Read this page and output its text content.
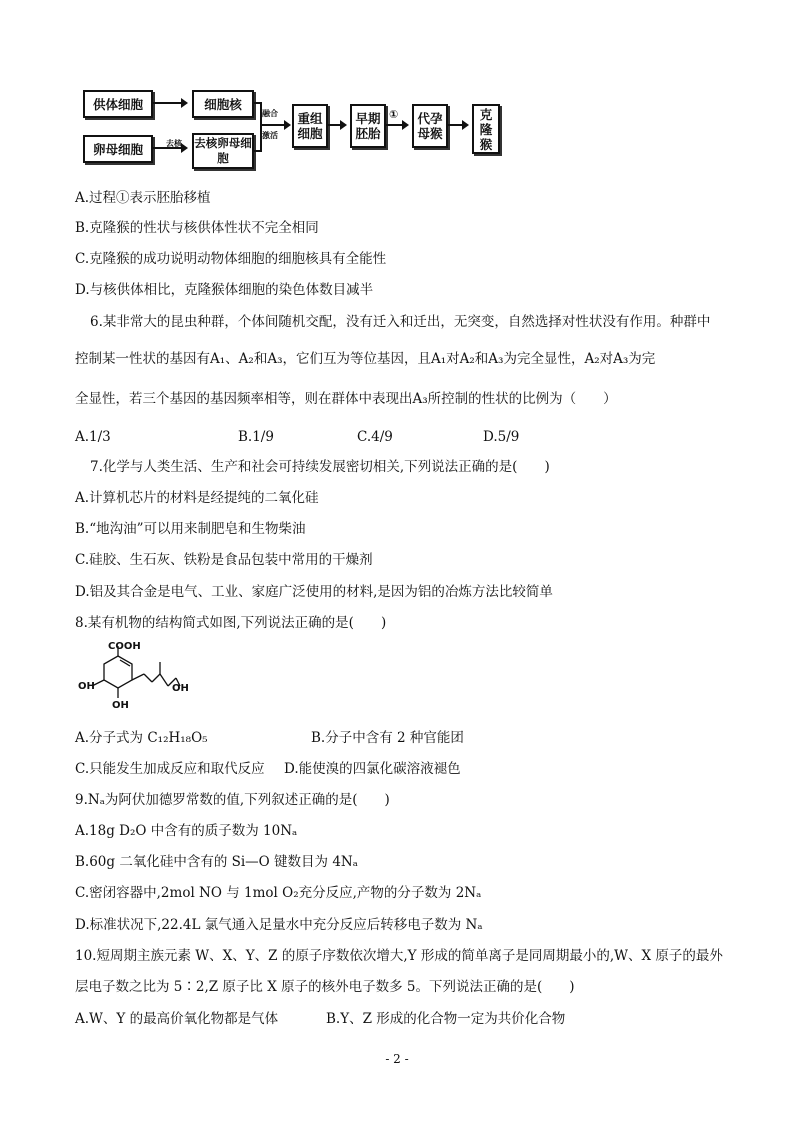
供体细胞
卵母细胞	去核
细胞核
去核卵母细胞
融合
激活
重组细胞
早期胚胎
①	代孕母猴
克隆猴
A.过程①表示胚胎移植
B.克隆猴的性状与核供体性状不完全相同
C.克隆猴的成功说明动物体细胞的细胞核具有全能性
D.与核供体相比，克隆猴体细胞的染色体数目减半
6.某非常大的昆虫种群，个体间随机交配，没有迁入和迁出，无突变，自然选择对性状没有作用。种群中
控制某一性状的基因有A₁、A₂和A₃，它们互为等位基因，且A₁对A₂和A₃为完全显性，A₂对A₃为完
全显性，若三个基因的基因频率相等，则在群体中表现出A₃所控制的性状的比例为（　　）
A.1/3	B.1/9	C.4/9	D.5/9
7.化学与人类生活、生产和社会可持续发展密切相关,下列说法正确的是(　　)
A.计算机芯片的材料是经提纯的二氧化硅
B.“地沟油”可以用来制肥皂和生物柴油
C.硅胶、生石灰、铁粉是食品包装中常用的干燥剂
D.铝及其合金是电气、工业、家庭广泛使用的材料,是因为铝的冶炼方法比较简单
8.某有机物的结构简式如图,下列说法正确的是(　　)
COOH
OH
OH
OH
A.分子式为 C₁₂H₁₈O₅	B.分子中含有 2 种官能团
C.只能发生加成反应和取代反应 D.能使溴的四氯化碳溶液褪色
9.Nₐ为阿伏加德罗常数的值,下列叙述正确的是(　　)
A.18g D₂O 中含有的质子数为 10Nₐ
B.60g 二氧化硅中含有的 Si—O 键数目为 4Nₐ
C.密闭容器中,2mol NO 与 1mol O₂充分反应,产物的分子数为 2Nₐ
D.标准状况下,22.4L 氯气通入足量水中充分反应后转移电子数为 Nₐ
10.短周期主族元素 W、X、Y、Z 的原子序数依次增大,Y 形成的简单离子是同周期最小的,W、X 原子的最外
层电子数之比为 5∶2,Z 原子比 X 原子的核外电子数多 5。下列说法正确的是(　　)
A.W、Y 的最高价氧化物都是气体	B.Y、Z 形成的化合物一定为共价化合物
- 2 -
